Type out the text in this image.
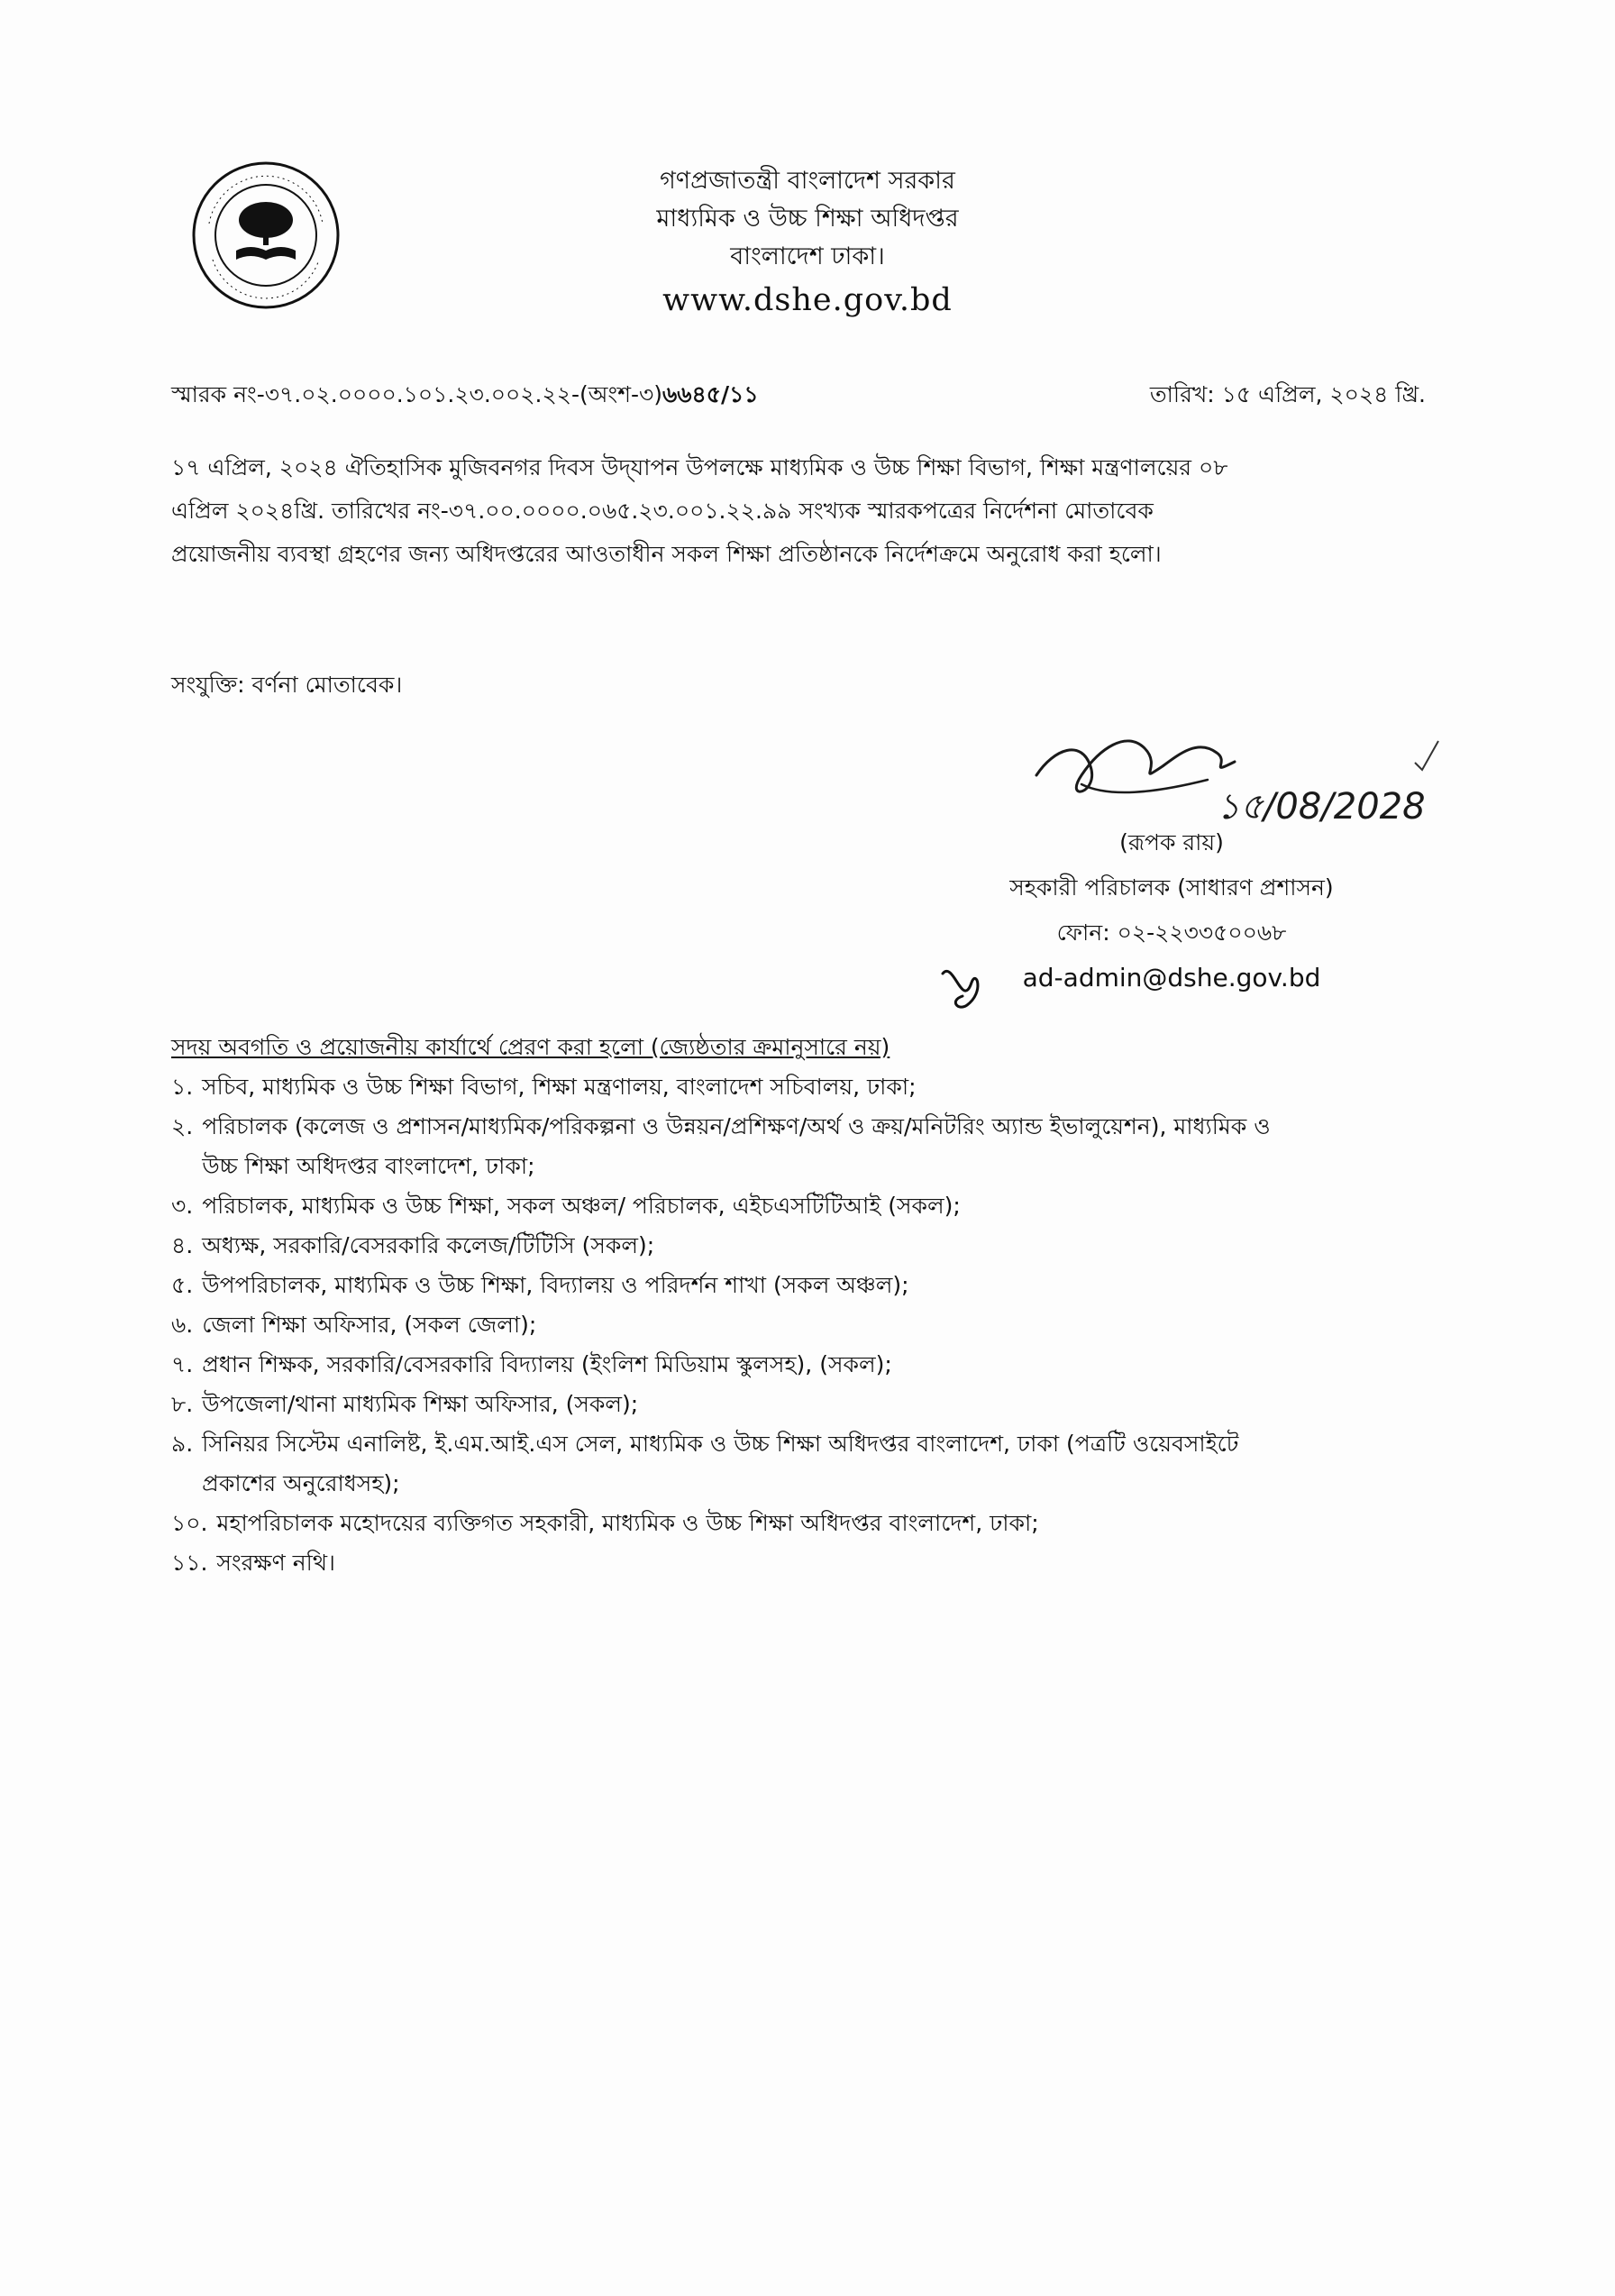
গণপ্রজাতন্ত্রী বাংলাদেশ সরকার
মাধ্যমিক ও উচ্চ শিক্ষা অধিদপ্তর
বাংলাদেশ ঢাকা।
www.dshe.gov.bd
স্মারক নং-৩৭.০২.০০০০.১০১.২৩.০০২.২২-(অংশ-৩)৬৬৪৫/১১	তারিখ: ১৫ এপ্রিল, ২০২৪ খ্রি.
১৭ এপ্রিল, ২০২৪ ঐতিহাসিক মুজিবনগর দিবস উদ্‌যাপন উপলক্ষে মাধ্যমিক ও উচ্চ শিক্ষা বিভাগ, শিক্ষা মন্ত্রণালয়ের ০৮
এপ্রিল ২০২৪খ্রি. তারিখের নং-৩৭.০০.০০০০.০৬৫.২৩.০০১.২২.৯৯ সংখ্যক স্মারকপত্রের নির্দেশনা মোতাবেক
প্রয়োজনীয় ব্যবস্থা গ্রহণের জন্য অধিদপ্তরের আওতাধীন সকল শিক্ষা প্রতিষ্ঠানকে নির্দেশক্রমে অনুরোধ করা হলো।
সংযুক্তি: বর্ণনা মোতাবেক।
১৫/08/2028
(রূপক রায়)
সহকারী পরিচালক (সাধারণ প্রশাসন)
ফোন: ০২-২২৩৩৫০০৬৮
ad-admin@dshe.gov.bd
সদয় অবগতি ও প্রয়োজনীয় কার্যার্থে প্রেরণ করা হলো (জ্যেষ্ঠতার ক্রমানুসারে নয়)
১. সচিব, মাধ্যমিক ও উচ্চ শিক্ষা বিভাগ, শিক্ষা মন্ত্রণালয়, বাংলাদেশ সচিবালয়, ঢাকা;
২. পরিচালক (কলেজ ও প্রশাসন/মাধ্যমিক/পরিকল্পনা ও উন্নয়ন/প্রশিক্ষণ/অর্থ ও ক্রয়/মনিটরিং অ্যান্ড ইভালুয়েশন), মাধ্যমিক ও
উচ্চ শিক্ষা অধিদপ্তর বাংলাদেশ, ঢাকা;
৩. পরিচালক, মাধ্যমিক ও উচ্চ শিক্ষা, সকল অঞ্চল/ পরিচালক, এইচএসটিটিআই (সকল);
৪. অধ্যক্ষ, সরকারি/বেসরকারি কলেজ/টিটিসি (সকল);
৫. উপপরিচালক, মাধ্যমিক ও উচ্চ শিক্ষা, বিদ্যালয় ও পরিদর্শন শাখা (সকল অঞ্চল);
৬. জেলা শিক্ষা অফিসার, (সকল জেলা);
৭. প্রধান শিক্ষক, সরকারি/বেসরকারি বিদ্যালয় (ইংলিশ মিডিয়াম স্কুলসহ), (সকল);
৮. উপজেলা/থানা মাধ্যমিক শিক্ষা অফিসার, (সকল);
৯. সিনিয়র সিস্টেম এনালিষ্ট, ই.এম.আই.এস সেল, মাধ্যমিক ও উচ্চ শিক্ষা অধিদপ্তর বাংলাদেশ, ঢাকা (পত্রটি ওয়েবসাইটে
প্রকাশের অনুরোধসহ);
১০. মহাপরিচালক মহোদয়ের ব্যক্তিগত সহকারী, মাধ্যমিক ও উচ্চ শিক্ষা অধিদপ্তর বাংলাদেশ, ঢাকা;
১১. সংরক্ষণ নথি।
